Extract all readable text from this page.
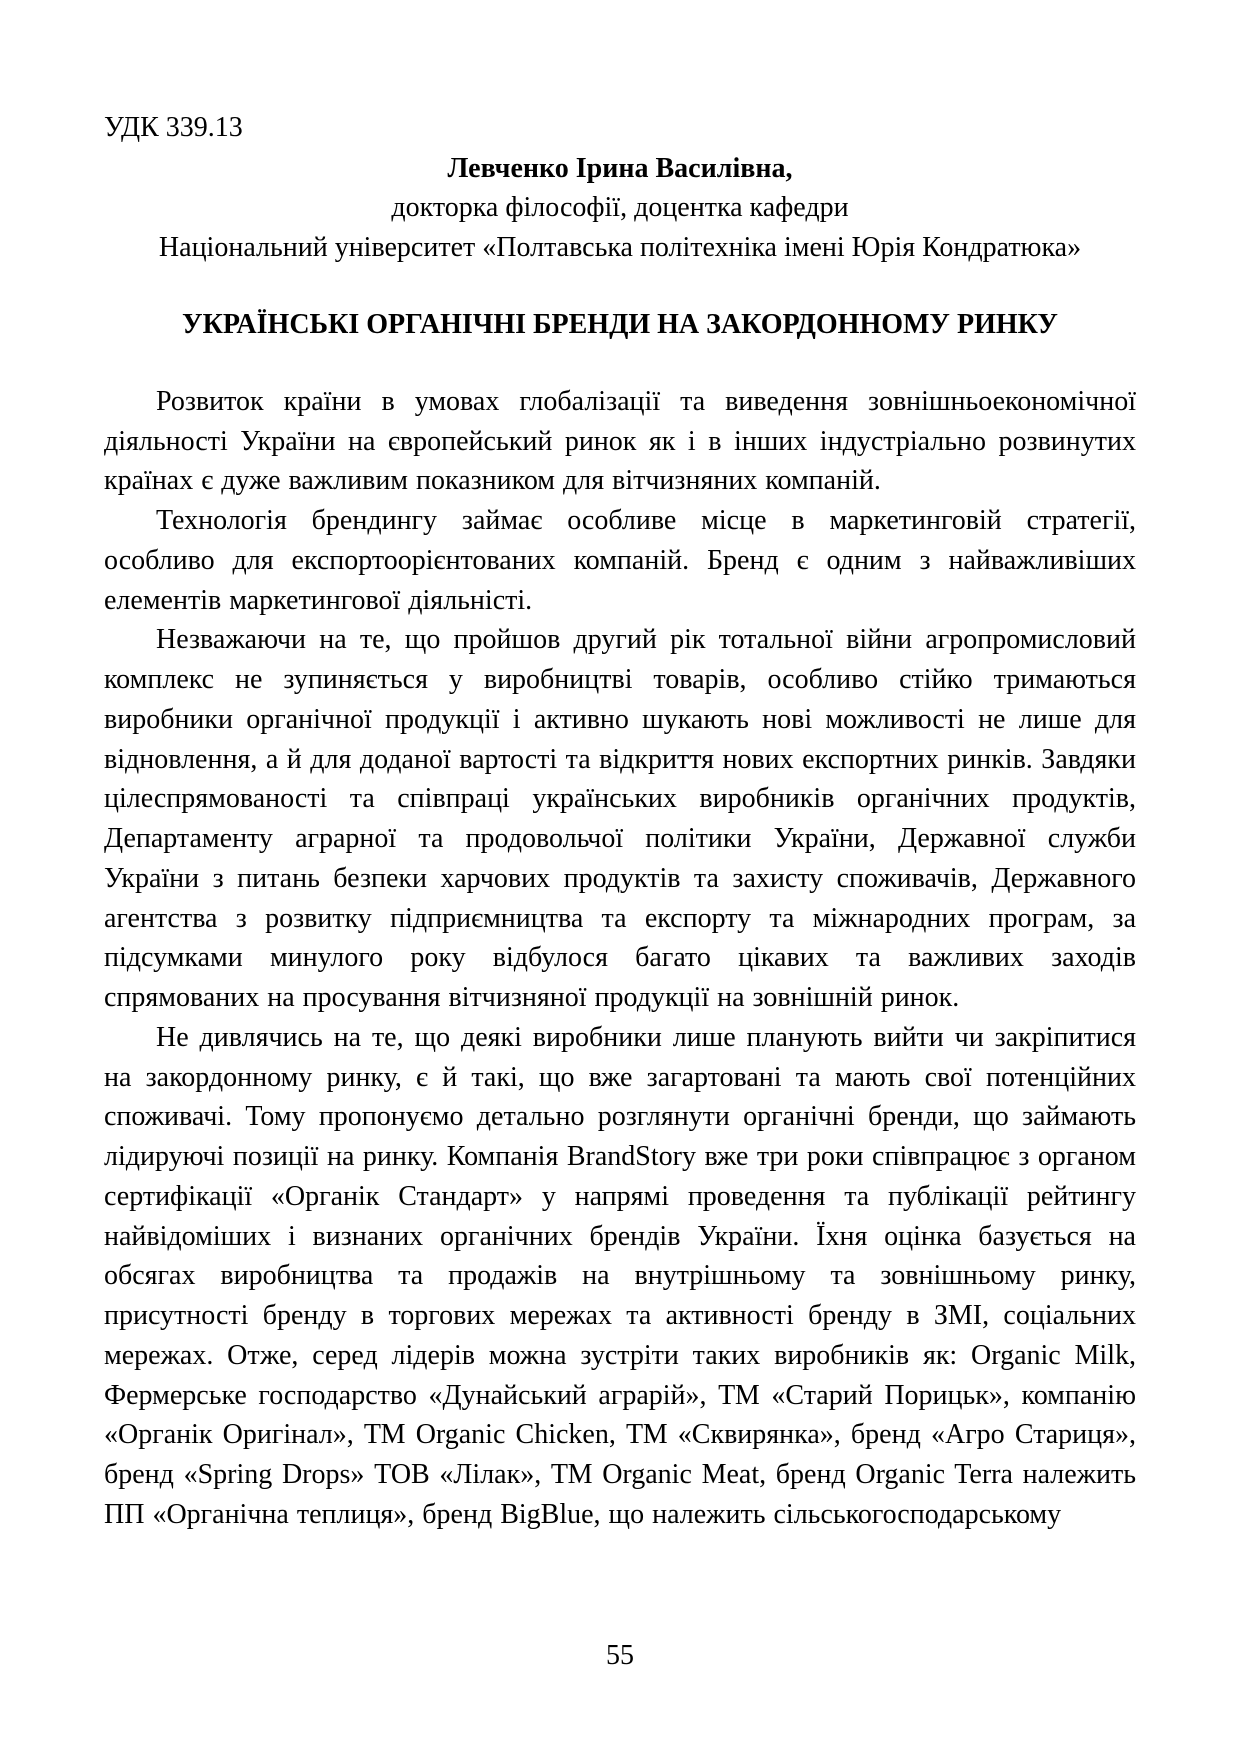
УДК 339.13
Левченко Ірина Василівна,
докторка філософії, доцентка кафедри
Національний університет «Полтавська політехніка імені Юрія Кондратюка»
УКРАЇНСЬКІ ОРГАНІЧНІ БРЕНДИ НА ЗАКОРДОННОМУ РИНКУ

Розвиток країни в умовах глобалізації та виведення зовнішньоекономічної діяльності України на європейський ринок як і в інших індустріально розвинутих країнах є дуже важливим показником для вітчизняних компаній.

Технологія брендингу займає особливе місце в маркетинговій стратегії, особливо для експортоорієнтованих компаній. Бренд є одним з найважливіших елементів маркетингової діяльністі.

Незважаючи на те, що пройшов другий рік тотальної війни агропромисловий комплекс не зупиняється у виробництві товарів, особливо стійко тримаються виробники органічної продукції і активно шукають нові можливості не лише для відновлення, а й для доданої вартості та відкриття нових експортних ринків. Завдяки цілеспрямованості та співпраці українських виробників органічних продуктів, Департаменту аграрної та продовольчої політики України, Державної служби України з питань безпеки харчових продуктів та захисту споживачів, Державного агентства з розвитку підприємництва та експорту та міжнародних програм, за підсумками минулого року відбулося багато цікавих та важливих заходів спрямованих на просування вітчизняної продукції на зовнішній ринок.

Не дивлячись на те, що деякі виробники лише планують вийти чи закріпитися на закордонному ринку, є й такі, що вже загартовані та мають свої потенційних споживачі. Тому пропонуємо детально розглянути органічні бренди, що займають лідируючі позиції на ринку. Компанія BrandStory вже три роки співпрацює з органом сертифікації «Органік Стандарт» у напрямі проведення та публікації рейтингу найвідоміших і визнаних органічних брендів України. Їхня оцінка базується на обсягах виробництва та продажів на внутрішньому та зовнішньому ринку, присутності бренду в торгових мережах та активності бренду в ЗМІ, соціальних мережах. Отже, серед лідерів можна зустріти таких виробників як: Organic Milk, Фермерське господарство «Дунайський аграрій», ТМ «Старий Порицьк», компанію «Органік Оригінал», ТМ Organic Chicken, ТМ «Сквирянка», бренд «Агро Стариця», бренд «Spring Drops» ТОВ «Лілак», ТМ Organic Meat, бренд Organic Terra належить ПП «Органічна теплиця», бренд BigBlue, що належить сільськогосподарському

55
